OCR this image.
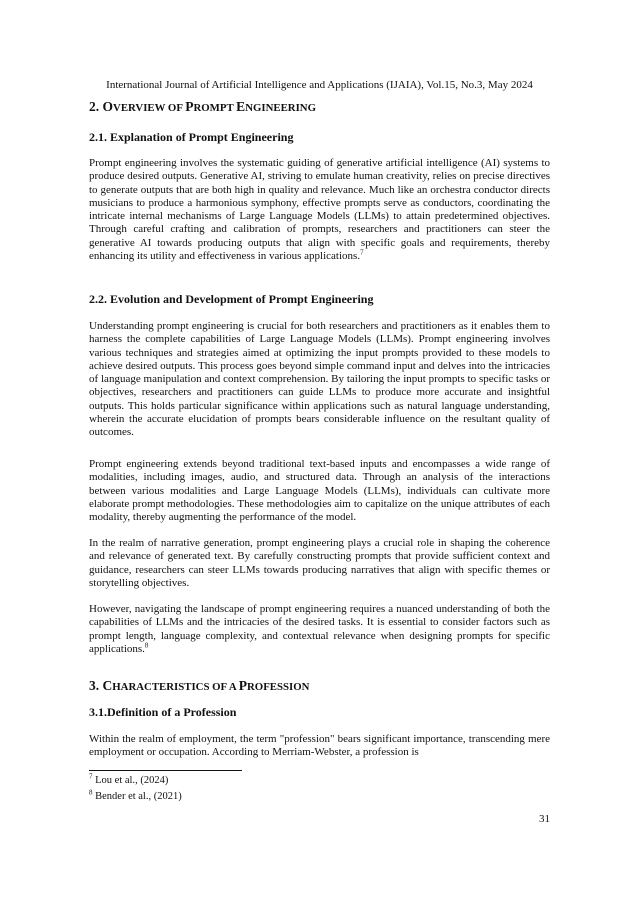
International Journal of Artificial Intelligence and Applications (IJAIA), Vol.15, No.3, May 2024
2. OVERVIEW OF PROMPT ENGINEERING
2.1. Explanation of Prompt Engineering

Prompt engineering involves the systematic guiding of generative artificial intelligence (AI) systems to produce desired outputs. Generative AI, striving to emulate human creativity, relies on precise directives to generate outputs that are both high in quality and relevance. Much like an orchestra conductor directs musicians to produce a harmonious symphony, effective prompts serve as conductors, coordinating the intricate internal mechanisms of Large Language Models (LLMs) to attain predetermined objectives. Through careful crafting and calibration of prompts, researchers and practitioners can steer the generative AI towards producing outputs that align with specific goals and requirements, thereby enhancing its utility and effectiveness in various applications.$^7$

2.2. Evolution and Development of Prompt Engineering

Understanding prompt engineering is crucial for both researchers and practitioners as it enables them to harness the complete capabilities of Large Language Models (LLMs). Prompt engineering involves various techniques and strategies aimed at optimizing the input prompts provided to these models to achieve desired outputs. This process goes beyond simple command input and delves into the intricacies of language manipulation and context comprehension. By tailoring the input prompts to specific tasks or objectives, researchers and practitioners can guide LLMs to produce more accurate and insightful outputs. This holds particular significance within applications such as natural language understanding, wherein the accurate elucidation of prompts bears considerable influence on the resultant quality of outcomes.

Prompt engineering extends beyond traditional text-based inputs and encompasses a wide range of modalities, including images, audio, and structured data. Through an analysis of the interactions between various modalities and Large Language Models (LLMs), individuals can cultivate more elaborate prompt methodologies. These methodologies aim to capitalize on the unique attributes of each modality, thereby augmenting the performance of the model.

In the realm of narrative generation, prompt engineering plays a crucial role in shaping the coherence and relevance of generated text. By carefully constructing prompts that provide sufficient context and guidance, researchers can steer LLMs towards producing narratives that align with specific themes or storytelling objectives.

However, navigating the landscape of prompt engineering requires a nuanced understanding of both the capabilities of LLMs and the intricacies of the desired tasks. It is essential to consider factors such as prompt length, language complexity, and contextual relevance when designing prompts for specific applications.$^8$

3. CHARACTERISTICS OF A PROFESSION
3.1.Definition of a Profession

Within the realm of employment, the term "profession" bears significant importance, transcending mere employment or occupation. According to Merriam-Webster, a profession is

$^7$ Lou et al., (2024)

$^8$ Bender et al., (2021)

31
